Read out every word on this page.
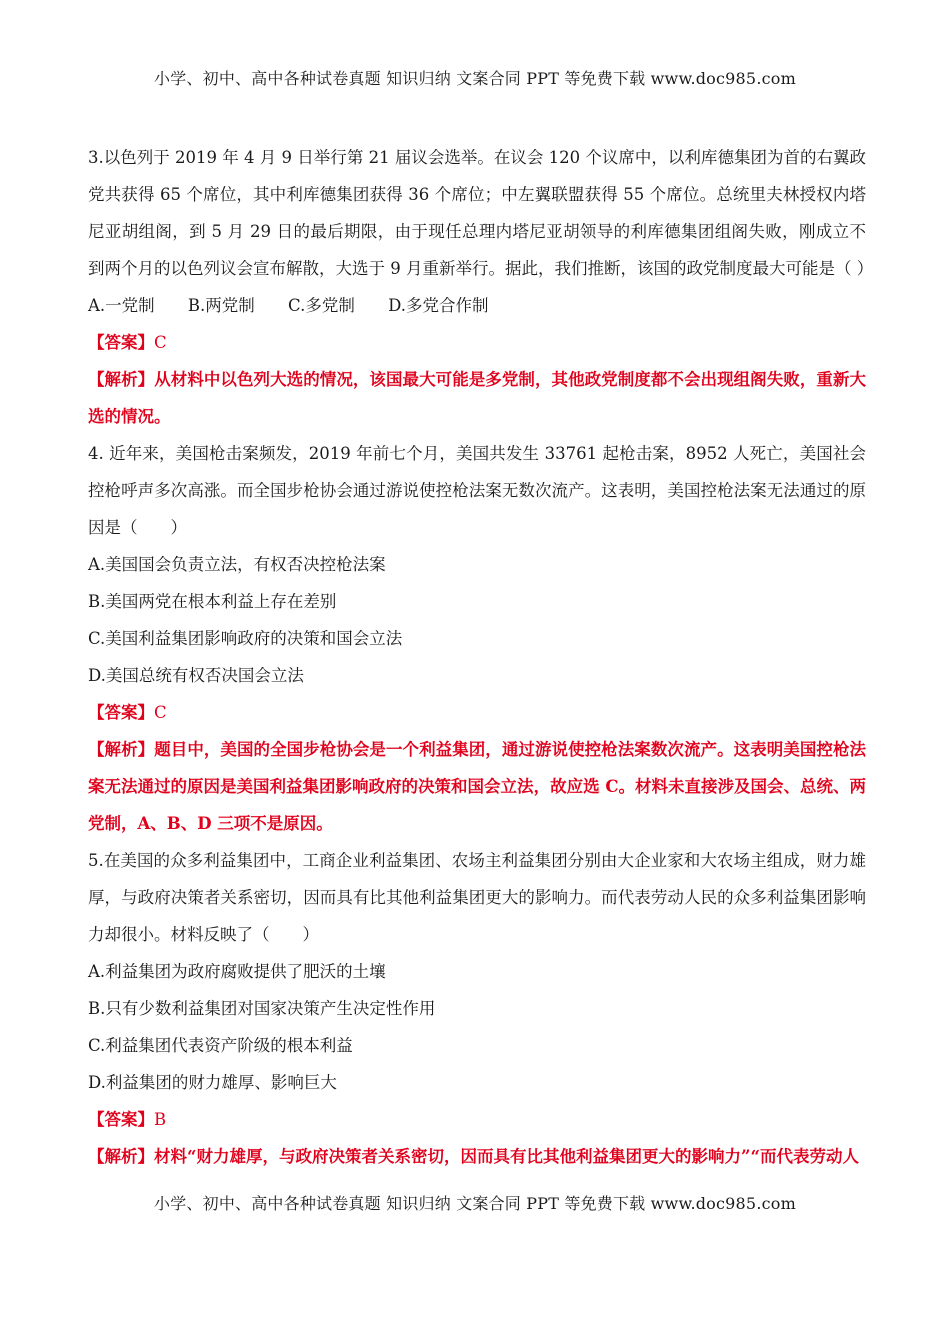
小学、初中、高中各种试卷真题 知识归纳 文案合同 PPT 等免费下载 www.doc985.com

3.以色列于 2019 年 4 月 9 日举行第 21 届议会选举。在议会 120 个议席中，以利库德集团为首的右翼政党共获得 65 个席位，其中利库德集团获得 36 个席位；中左翼联盟获得 55 个席位。总统里夫林授权内塔尼亚胡组阁，到 5 月 29 日的最后期限，由于现任总理内塔尼亚胡领导的利库德集团组阁失败，刚成立不到两个月的以色列议会宣布解散，大选于 9 月重新举行。据此，我们推断，该国的政党制度最大可能是（ ）

A.一党制 B.两党制 C.多党制 D.多党合作制

【答案】C

【解析】从材料中以色列大选的情况，该国最大可能是多党制，其他政党制度都不会出现组阁失败，重新大选的情况。

4. 近年来，美国枪击案频发，2019 年前七个月，美国共发生 33761 起枪击案，8952 人死亡，美国社会控枪呼声多次高涨。而全国步枪协会通过游说使控枪法案无数次流产。这表明，美国控枪法案无法通过的原因是（　　）

A.美国国会负责立法，有权否决控枪法案

B.美国两党在根本利益上存在差别

C.美国利益集团影响政府的决策和国会立法

D.美国总统有权否决国会立法

【答案】C

【解析】题目中，美国的全国步枪协会是一个利益集团，通过游说使控枪法案数次流产。这表明美国控枪法案无法通过的原因是美国利益集团影响政府的决策和国会立法，故应选 C。材料未直接涉及国会、总统、两党制，A、B、D 三项不是原因。

5.在美国的众多利益集团中，工商企业利益集团、农场主利益集团分别由大企业家和大农场主组成，财力雄厚，与政府决策者关系密切，因而具有比其他利益集团更大的影响力。而代表劳动人民的众多利益集团影响力却很小。材料反映了（　　）

A.利益集团为政府腐败提供了肥沃的土壤

B.只有少数利益集团对国家决策产生决定性作用

C.利益集团代表资产阶级的根本利益

D.利益集团的财力雄厚、影响巨大

【答案】B

【解析】材料“财力雄厚，与政府决策者关系密切，因而具有比其他利益集团更大的影响力”“而代表劳动人

小学、初中、高中各种试卷真题 知识归纳 文案合同 PPT 等免费下载 www.doc985.com
